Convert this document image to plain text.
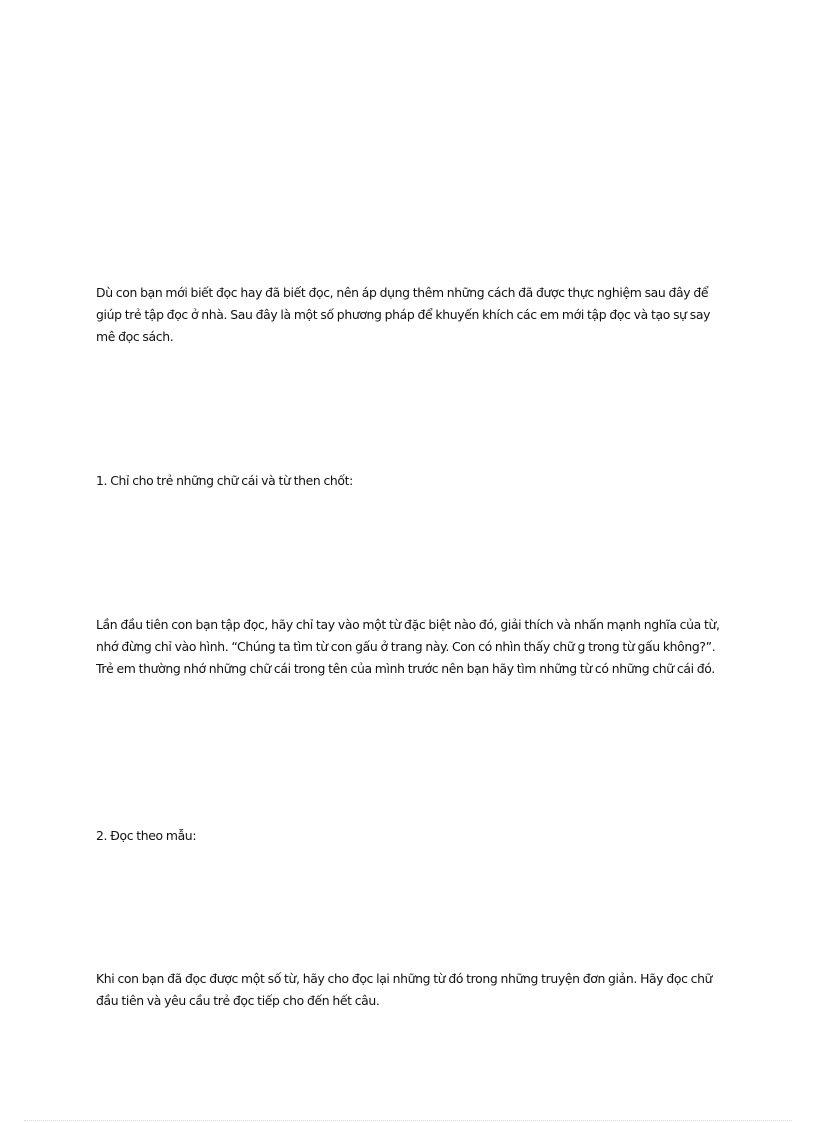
Dù con bạn mới biết đọc hay đã biết đọc, nên áp dụng thêm những cách đã được thực nghiệm sau đây để giúp trẻ tập đọc ở nhà. Sau đây là một số phương pháp để khuyến khích các em mới tập đọc và tạo sự say mê đọc sách.

1. Chỉ cho trẻ những chữ cái và từ then chốt:

Lần đầu tiên con bạn tập đọc, hãy chỉ tay vào một từ đặc biệt nào đó, giải thích và nhấn mạnh nghĩa của từ, nhớ đừng chỉ vào hình. “Chúng ta tìm từ con gấu ở trang này. Con có nhìn thấy chữ g trong từ gấu không?”. Trẻ em thường nhớ những chữ cái trong tên của mình trước nên bạn hãy tìm những từ có những chữ cái đó.

2. Đọc theo mẫu:

Khi con bạn đã đọc được một số từ, hãy cho đọc lại những từ đó trong những truyện đơn giản. Hãy đọc chữ đầu tiên và yêu cầu trẻ đọc tiếp cho đến hết câu.
